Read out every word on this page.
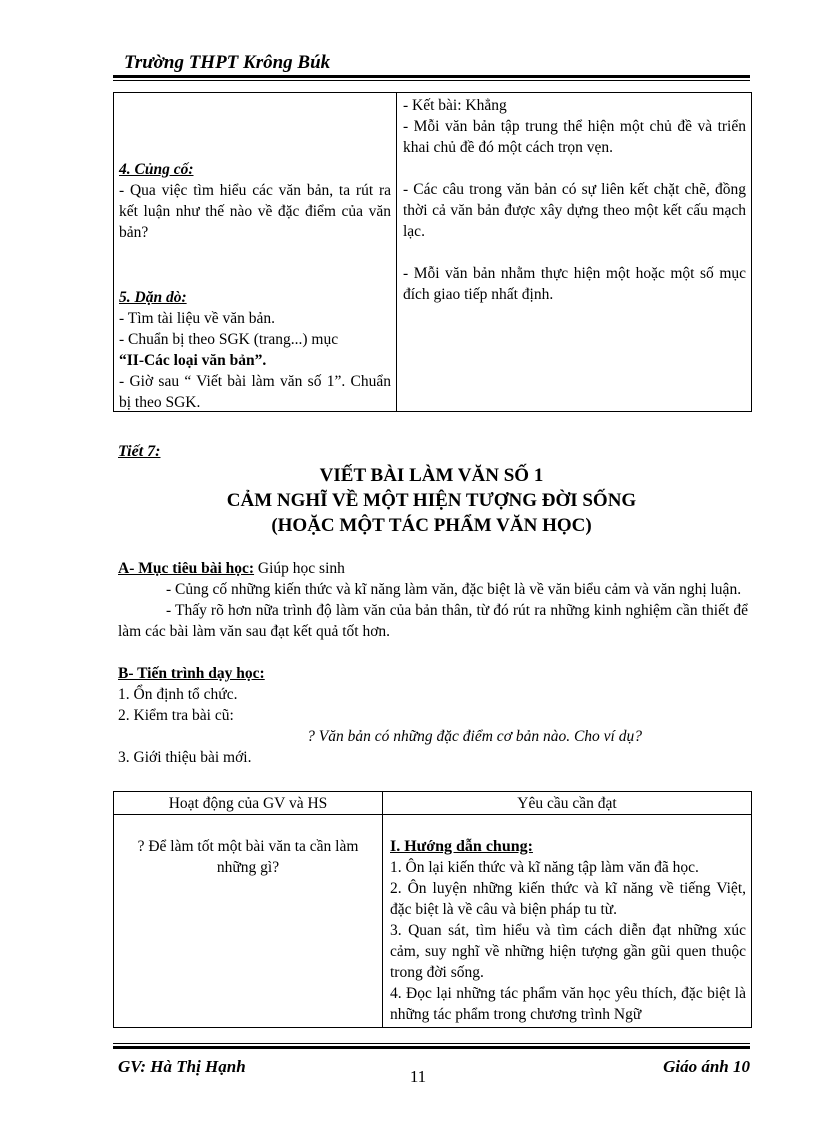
Trường THPT Krông Búk
4. Củng cố:
- Qua việc tìm hiểu các văn bản, ta rút ra kết luận như thế nào về đặc điểm của văn bản?
5. Dặn dò:
- Tìm tài liệu về văn bản.
- Chuẩn bị theo SGK (trang...) mục
“II-Các loại văn bản”.
- Giờ sau “ Viết bài làm văn số 1”. Chuẩn bị theo SGK.
- Kết bài: Khẳng
- Mỗi văn bản tập trung thể hiện một chủ đề và triển khai chủ đề đó một cách trọn vẹn.
- Các câu trong văn bản có sự liên kết chặt chẽ, đồng thời cả văn bản được xây dựng theo một kết cấu mạch lạc.
- Mỗi văn bản nhằm thực hiện một hoặc một số mục đích giao tiếp nhất định.
Tiết 7:
VIẾT BÀI LÀM VĂN SỐ 1
CẢM NGHĨ VỀ MỘT HIỆN TƯỢNG ĐỜI SỐNG
(HOẶC MỘT TÁC PHẨM VĂN HỌC)
A- Mục tiêu bài học: Giúp học sinh
- Củng cố những kiến thức và kĩ năng làm văn, đặc biệt là về văn biểu cảm và văn nghị luận.
- Thấy rõ hơn nữa trình độ làm văn của bản thân, từ đó rút ra những kinh nghiệm cần thiết để làm các bài làm văn sau đạt kết quả tốt hơn.
B- Tiến trình dạy học:
1. Ổn định tổ chức.
2. Kiểm tra bài cũ:
? Văn bản có những đặc điểm cơ bản nào. Cho ví dụ?
3. Giới thiệu bài mới.
Hoạt động của GV và HS	Yêu cầu cần đạt
? Để làm tốt một bài văn ta cần làm những gì?
I. Hướng dẫn chung:
1. Ôn lại kiến thức và kĩ năng tập làm văn đã học.
2. Ôn luyện những kiến thức và kĩ năng về tiếng Việt, đặc biệt là về câu và biện pháp tu từ.
3. Quan sát, tìm hiểu và tìm cách diễn đạt những xúc cảm, suy nghĩ về những hiện tượng gần gũi quen thuộc trong đời sống.
4. Đọc lại những tác phẩm văn học yêu thích, đặc biệt là những tác phẩm trong chương trình Ngữ
GV: Hà Thị Hạnh	Giáo ánh 10
11
